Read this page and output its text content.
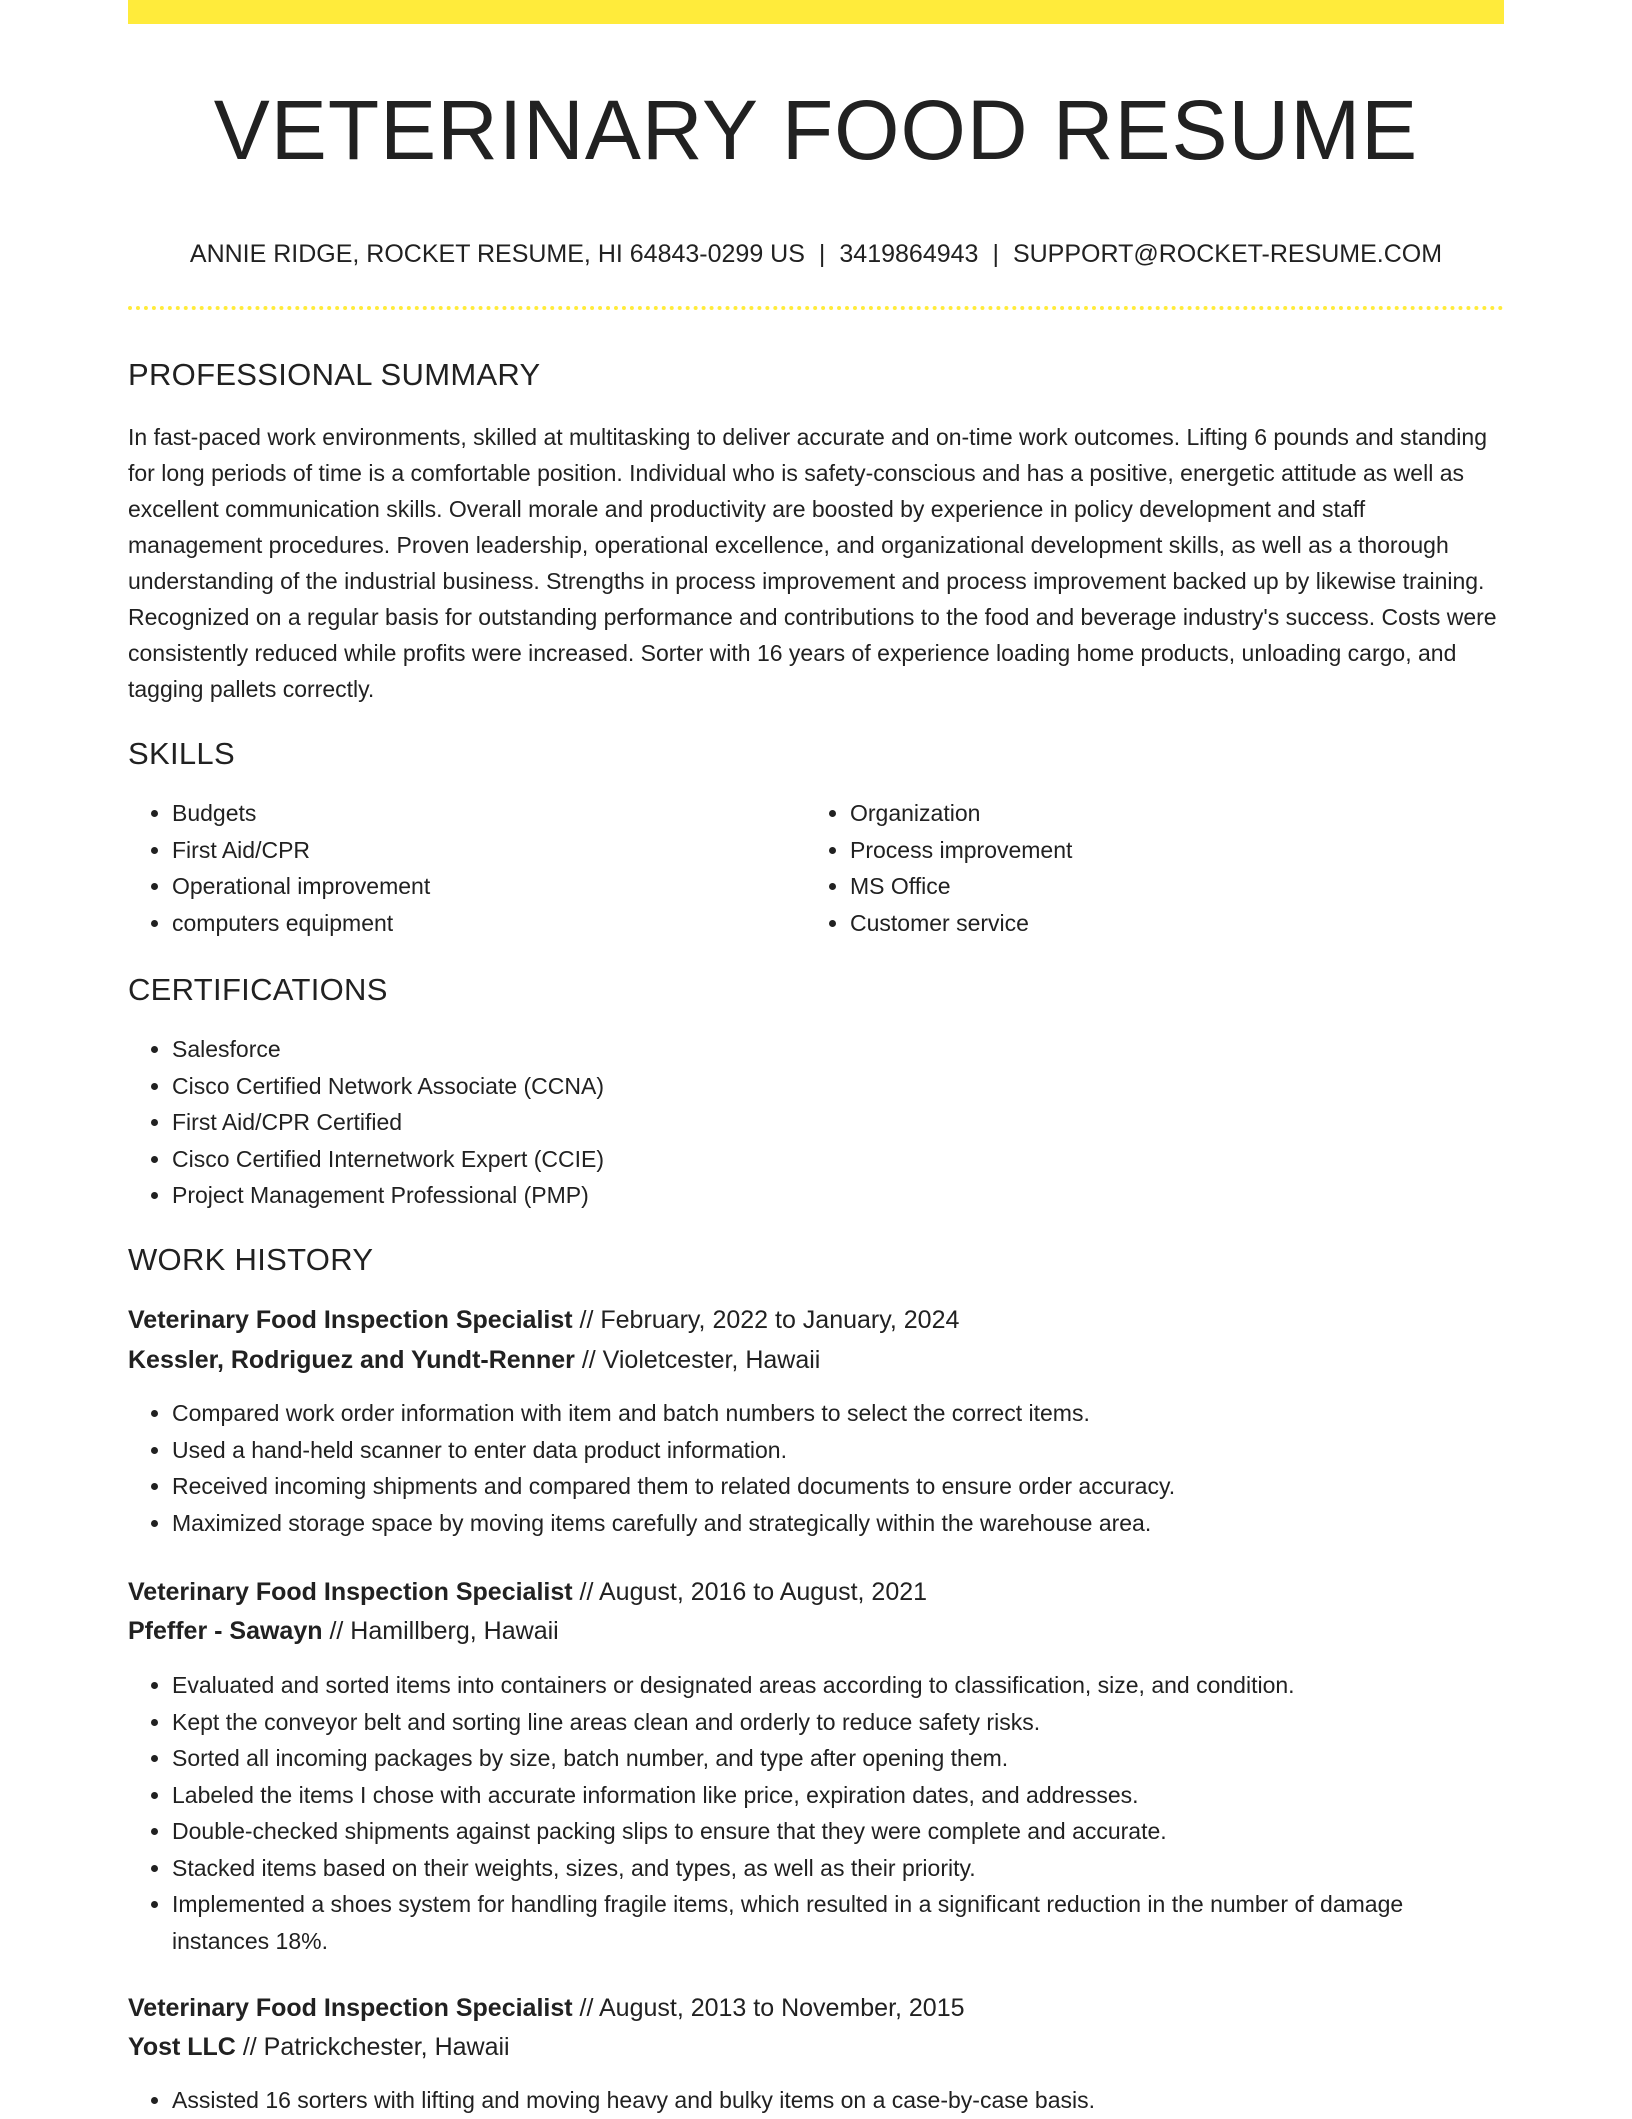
VETERINARY FOOD RESUME
ANNIE RIDGE, ROCKET RESUME, HI 64843-0299 US | 3419864943 | SUPPORT@ROCKET-RESUME.COM
PROFESSIONAL SUMMARY

In fast-paced work environments, skilled at multitasking to deliver accurate and on-time work outcomes. Lifting 6 pounds and standing for long periods of time is a comfortable position. Individual who is safety-conscious and has a positive, energetic attitude as well as excellent communication skills. Overall morale and productivity are boosted by experience in policy development and staff management procedures. Proven leadership, operational excellence, and organizational development skills, as well as a thorough understanding of the industrial business. Strengths in process improvement and process improvement backed up by likewise training. Recognized on a regular basis for outstanding performance and contributions to the food and beverage industry's success. Costs were consistently reduced while profits were increased. Sorter with 16 years of experience loading home products, unloading cargo, and tagging pallets correctly.

SKILLS
• Budgets
• First Aid/CPR
• Operational improvement
• computers equipment
• Organization
• Process improvement
• MS Office
• Customer service
CERTIFICATIONS
• Salesforce
• Cisco Certified Network Associate (CCNA)
• First Aid/CPR Certified
• Cisco Certified Internetwork Expert (CCIE)
• Project Management Professional (PMP)
WORK HISTORY
Veterinary Food Inspection Specialist // February, 2022 to January, 2024
Kessler, Rodriguez and Yundt-Renner // Violetcester, Hawaii
• Compared work order information with item and batch numbers to select the correct items.
• Used a hand-held scanner to enter data product information.
• Received incoming shipments and compared them to related documents to ensure order accuracy.
• Maximized storage space by moving items carefully and strategically within the warehouse area.
Veterinary Food Inspection Specialist // August, 2016 to August, 2021
Pfeffer - Sawayn // Hamillberg, Hawaii
• Evaluated and sorted items into containers or designated areas according to classification, size, and condition.
• Kept the conveyor belt and sorting line areas clean and orderly to reduce safety risks.
• Sorted all incoming packages by size, batch number, and type after opening them.
• Labeled the items I chose with accurate information like price, expiration dates, and addresses.
• Double-checked shipments against packing slips to ensure that they were complete and accurate.
• Stacked items based on their weights, sizes, and types, as well as their priority.
• Implemented a shoes system for handling fragile items, which resulted in a significant reduction in the number of damage instances 18%.
Veterinary Food Inspection Specialist // August, 2013 to November, 2015
Yost LLC // Patrickchester, Hawaii
• Assisted 16 sorters with lifting and moving heavy and bulky items on a case-by-case basis.
